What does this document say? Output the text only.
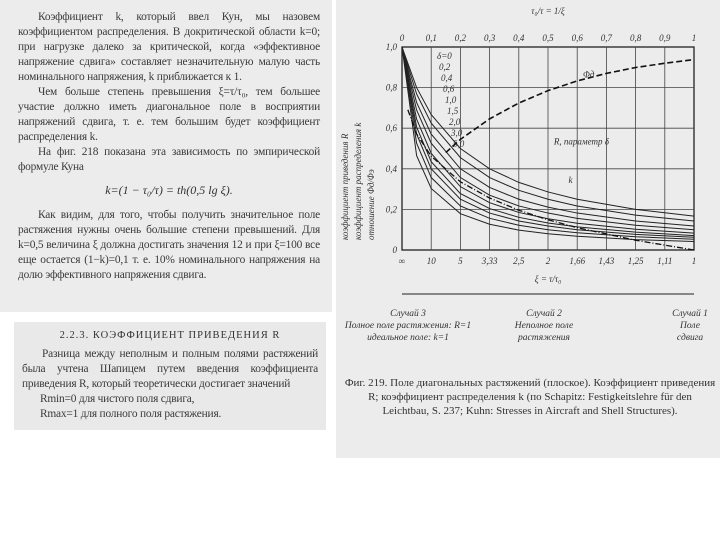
Коэффициент k, который ввел Кун, мы назовем коэффициентом распределения. В докритической области k=0; при нагрузке далеко за критической, когда «эффективное напряжение сдвига» составляет незначительную малую часть номинального напряжения, k приближается к 1.

Чем больше степень превышения ξ=τ/τ₀, тем большее участие должно иметь диагональное поле в восприятии напряжений сдвига, т. е. тем большим будет коэффициент распределения k.

На фиг. 218 показана эта зависимость по эмпирической формуле Куна

k=(1 − τ₀/τ) = th(0,5 lg ξ).

Как видим, для того, чтобы получить значительное поле растяжения нужны очень большие степени превышений. Для k=0,5 величина ξ должна достигать значения 12 и при ξ=100 все еще остается (1−k)=0,1 т. е. 10% номинального напряжения на долю эффективного напряжения сдвига.

2.2.3. КОЭФФИЦИЕНТ ПРИВЕДЕНИЯ R

Разница между неполным и полным полями растяжений была учтена Шапицем путем введения коэффициента приведения R, который теоретически достигает значений

Rmin=0 для чистого поля сдвига,

Rmax=1 для полного поля растяжения.

0
∞
0,1
10
0,2
5
0,3
3,33
0,4
2,5
0,5
2
0,6
1,66
0,7
1,43
0,8
1,25
0,9
1,11
1
1
0
0,2
0,4
0,6
0,8
1,0
δ=0
0,2
0,4
0,6
1,0
1,5
2,0
3,0
5,0
Φд
R, параметр δ
k
τ₀/τ = 1/ξ
ξ = τ/τ₀
коэффициент приведения R коэффициент распределения k отношение Φд/Φэ
Случай 3
Полное поле растяжения: R=1
идеальное поле: k=1
Случай 2
Неполное поле
растяжения
Случай 1
Поле
сдвига
Фиг. 219. Поле диагональных растяжений (плоское). Коэффициент приведения R; коэффициент распределения k (по Schapitz: Festigkeitslehre für den Leichtbau, S. 237; Kuhn: Stresses in Aircraft and Shell Structures).
